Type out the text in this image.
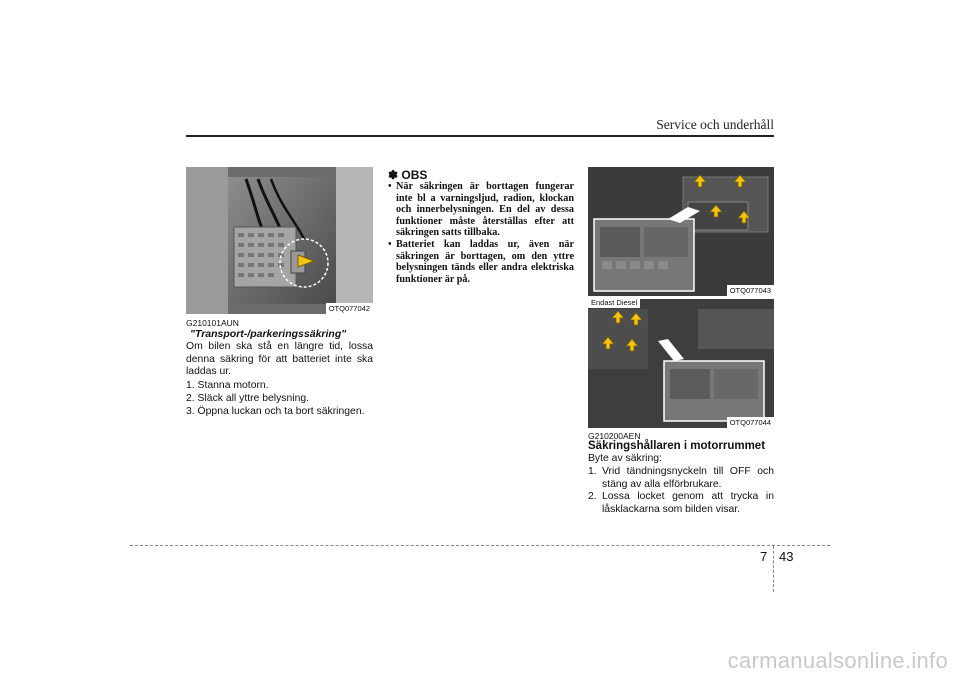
Service och underhåll
OTQ077042
G210101AUN
"Transport-/parkeringssäkring"
Om bilen ska stå en längre tid, lossa denna säkring för att batteriet inte ska laddas ur.
1. Stanna motorn.
2. Släck all yttre belysning.
3. Öppna luckan och ta bort säkringen.
✽ OBS
• När säkringen är borttagen fungerar inte bl a varningsljud, radion, klockan och innerbelysningen. En del av dessa funktioner måste återställas efter att säkringen satts tillbaka.
• Batteriet kan laddas ur, även när säkringen är borttagen, om den yttre belysningen tänds eller andra elektriska funktioner är på.
OTQ077043
Endast Diesel
OTQ077044
G210200AEN
Säkringshållaren i motorrummet
Byte av säkring:
1. Vrid tändningsnyckeln till OFF och stäng av alla elförbrukare.
2. Lossa locket genom att trycka in låsklackarna som bilden visar.
7 43
carmanualsonline.info
